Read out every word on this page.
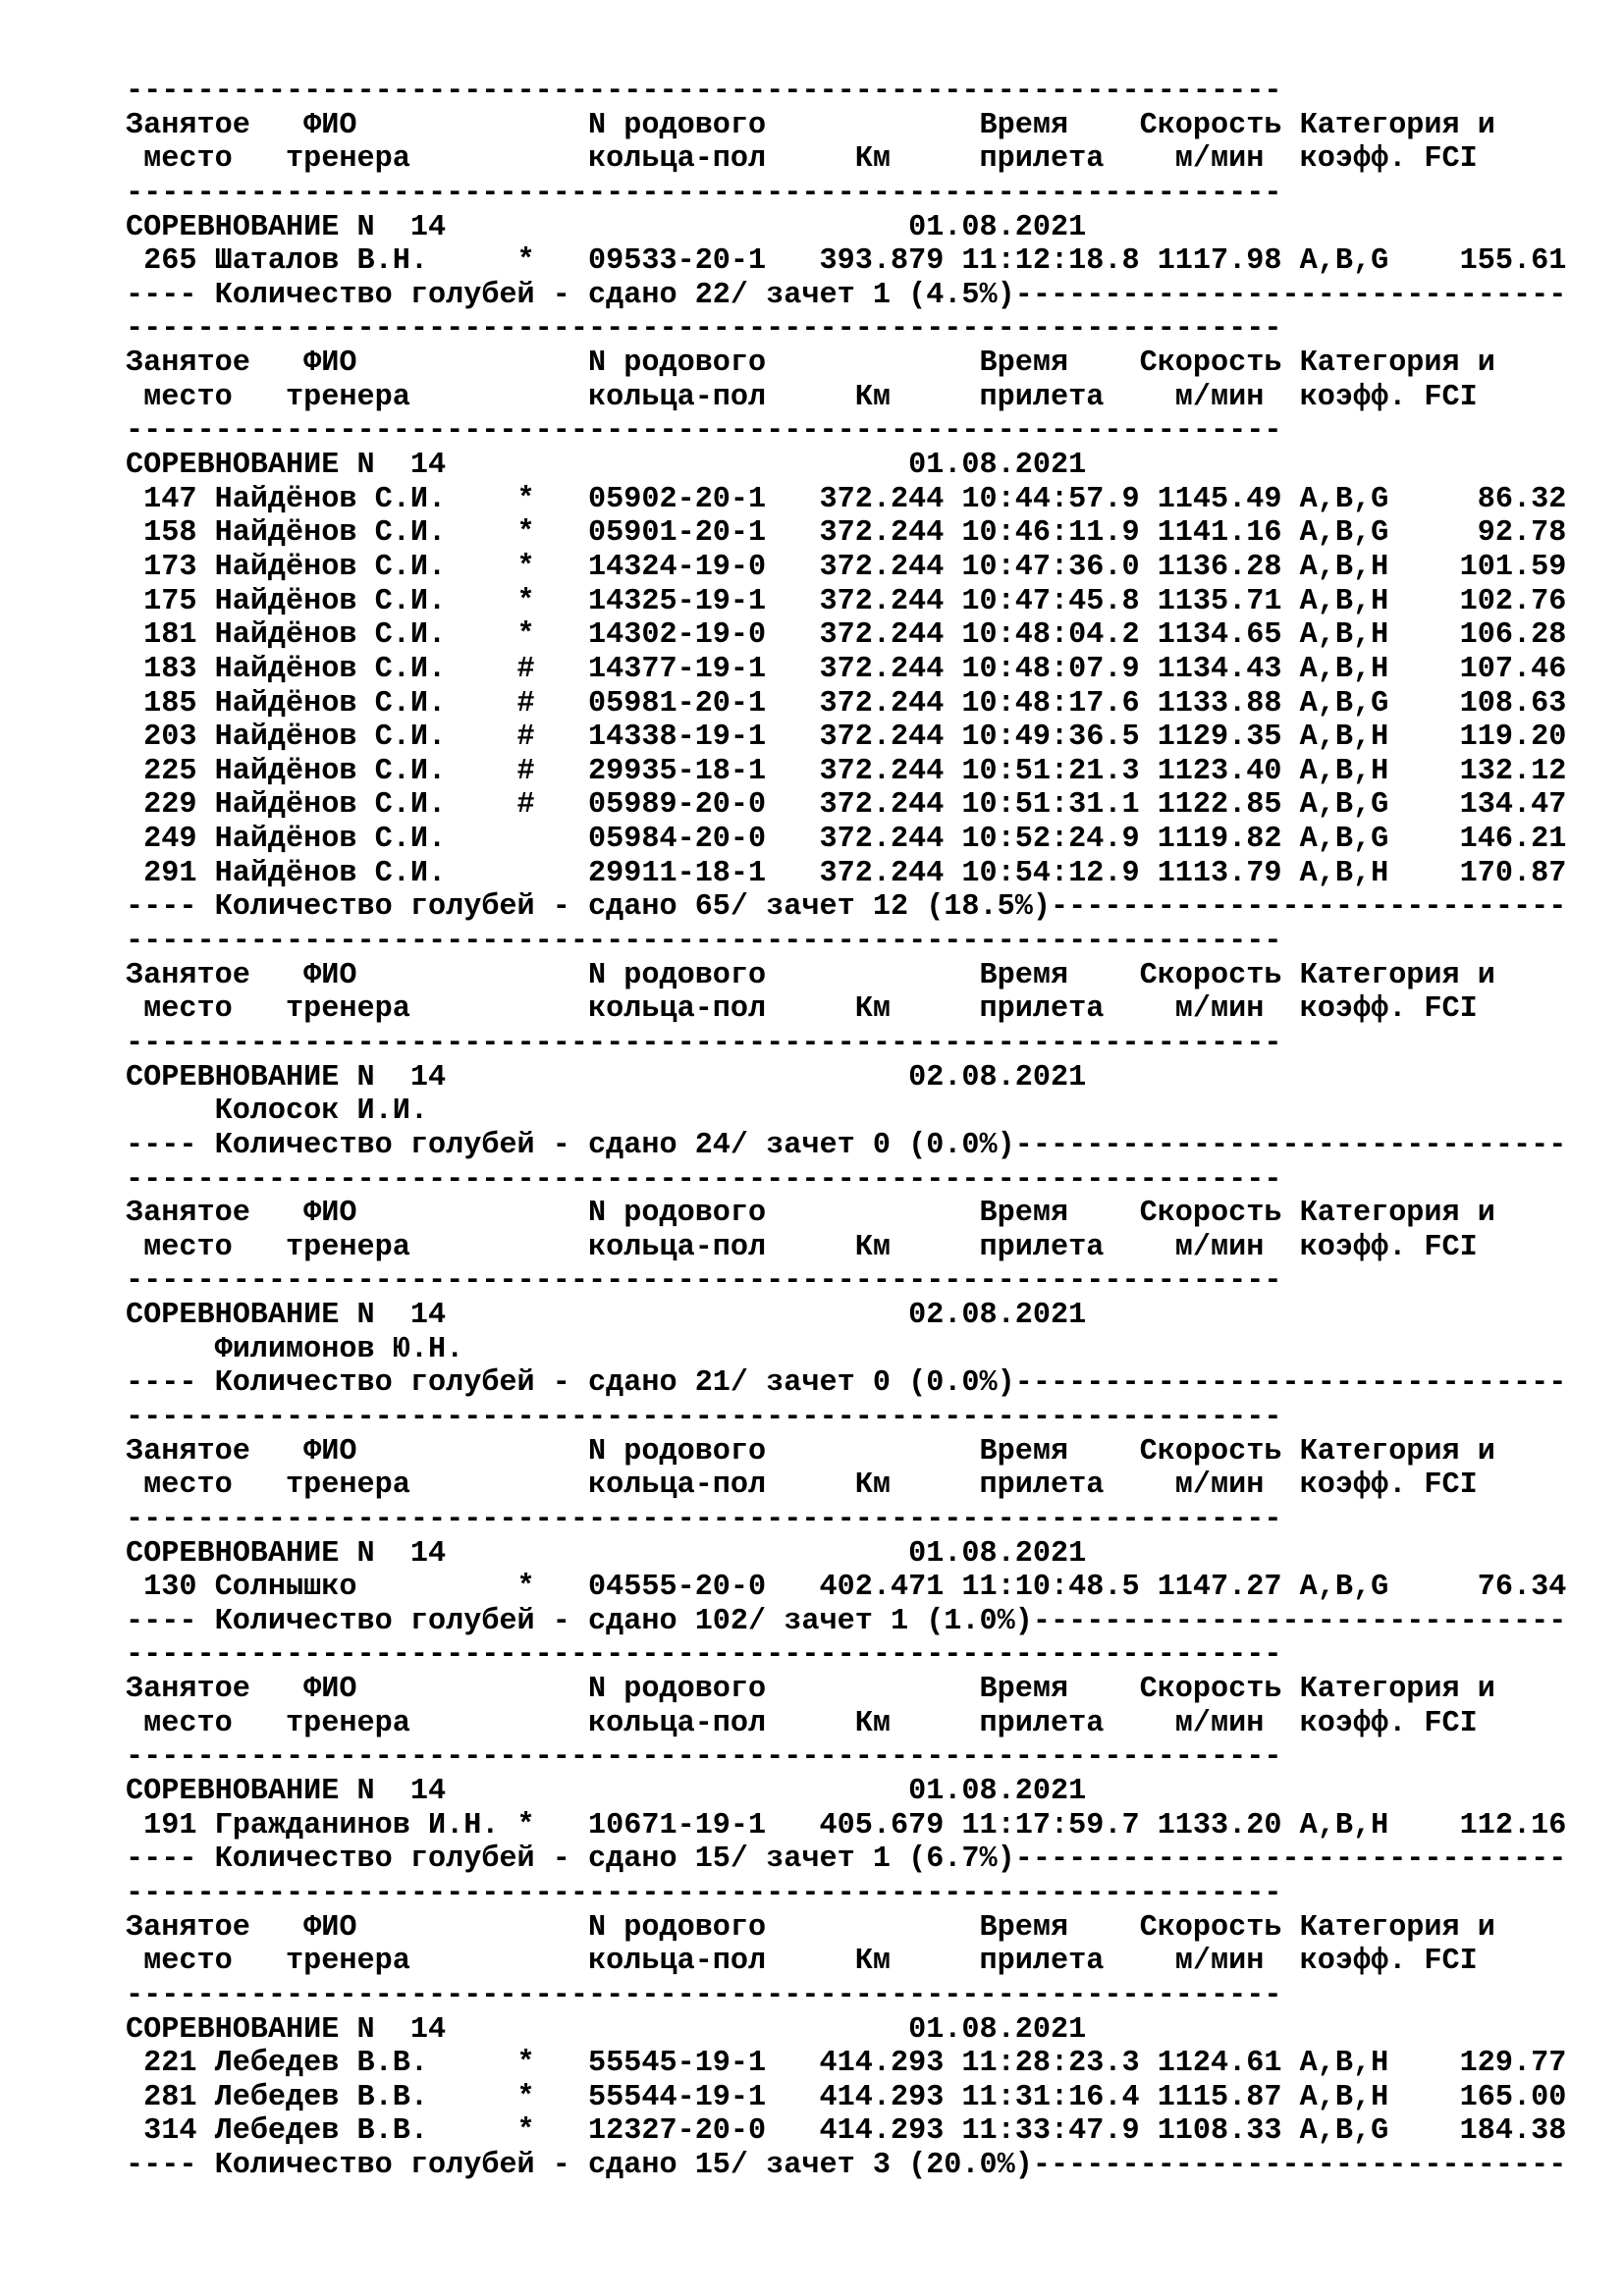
-----------------------------------------------------------------
Занятое   ФИО             N родового            Время    Скорость Категория и
место   тренера          кольца-пол     Км     прилета    м/мин  коэфф. FCI
-----------------------------------------------------------------
СОРЕВНОВАНИЕ N  14                          01.08.2021
265 Шаталов В.Н.     *   09533-20-1   393.879 11:12:18.8 1117.98 A,B,G    155.61
---- Количество голубей - сдано 22/ зачет 1 (4.5%)-------------------------------
-----------------------------------------------------------------
Занятое   ФИО             N родового            Время    Скорость Категория и
место   тренера          кольца-пол     Км     прилета    м/мин  коэфф. FCI
-----------------------------------------------------------------
СОРЕВНОВАНИЕ N  14                          01.08.2021
147 Найдёнов С.И.    *   05902-20-1   372.244 10:44:57.9 1145.49 A,B,G     86.32
158 Найдёнов С.И.    *   05901-20-1   372.244 10:46:11.9 1141.16 A,B,G     92.78
173 Найдёнов С.И.    *   14324-19-0   372.244 10:47:36.0 1136.28 A,B,H    101.59
175 Найдёнов С.И.    *   14325-19-1   372.244 10:47:45.8 1135.71 A,B,H    102.76
181 Найдёнов С.И.    *   14302-19-0   372.244 10:48:04.2 1134.65 A,B,H    106.28
183 Найдёнов С.И.    #   14377-19-1   372.244 10:48:07.9 1134.43 A,B,H    107.46
185 Найдёнов С.И.    #   05981-20-1   372.244 10:48:17.6 1133.88 A,B,G    108.63
203 Найдёнов С.И.    #   14338-19-1   372.244 10:49:36.5 1129.35 A,B,H    119.20
225 Найдёнов С.И.    #   29935-18-1   372.244 10:51:21.3 1123.40 A,B,H    132.12
229 Найдёнов С.И.    #   05989-20-0   372.244 10:51:31.1 1122.85 A,B,G    134.47
249 Найдёнов С.И.        05984-20-0   372.244 10:52:24.9 1119.82 A,B,G    146.21
291 Найдёнов С.И.        29911-18-1   372.244 10:54:12.9 1113.79 A,B,H    170.87
---- Количество голубей - сдано 65/ зачет 12 (18.5%)-----------------------------
-----------------------------------------------------------------
Занятое   ФИО             N родового            Время    Скорость Категория и
место   тренера          кольца-пол     Км     прилета    м/мин  коэфф. FCI
-----------------------------------------------------------------
СОРЕВНОВАНИЕ N  14                          02.08.2021
Колосок И.И.
---- Количество голубей - сдано 24/ зачет 0 (0.0%)-------------------------------
-----------------------------------------------------------------
Занятое   ФИО             N родового            Время    Скорость Категория и
место   тренера          кольца-пол     Км     прилета    м/мин  коэфф. FCI
-----------------------------------------------------------------
СОРЕВНОВАНИЕ N  14                          02.08.2021
Филимонов Ю.Н.
---- Количество голубей - сдано 21/ зачет 0 (0.0%)-------------------------------
-----------------------------------------------------------------
Занятое   ФИО             N родового            Время    Скорость Категория и
место   тренера          кольца-пол     Км     прилета    м/мин  коэфф. FCI
-----------------------------------------------------------------
СОРЕВНОВАНИЕ N  14                          01.08.2021
130 Солнышко         *   04555-20-0   402.471 11:10:48.5 1147.27 A,B,G     76.34
---- Количество голубей - сдано 102/ зачет 1 (1.0%)------------------------------
-----------------------------------------------------------------
Занятое   ФИО             N родового            Время    Скорость Категория и
место   тренера          кольца-пол     Км     прилета    м/мин  коэфф. FCI
-----------------------------------------------------------------
СОРЕВНОВАНИЕ N  14                          01.08.2021
191 Гражданинов И.Н. *   10671-19-1   405.679 11:17:59.7 1133.20 A,B,H    112.16
---- Количество голубей - сдано 15/ зачет 1 (6.7%)-------------------------------
-----------------------------------------------------------------
Занятое   ФИО             N родового            Время    Скорость Категория и
место   тренера          кольца-пол     Км     прилета    м/мин  коэфф. FCI
-----------------------------------------------------------------
СОРЕВНОВАНИЕ N  14                          01.08.2021
221 Лебедев В.В.     *   55545-19-1   414.293 11:28:23.3 1124.61 A,B,H    129.77
281 Лебедев В.В.     *   55544-19-1   414.293 11:31:16.4 1115.87 A,B,H    165.00
314 Лебедев В.В.     *   12327-20-0   414.293 11:33:47.9 1108.33 A,B,G    184.38
---- Количество голубей - сдано 15/ зачет 3 (20.0%)------------------------------
